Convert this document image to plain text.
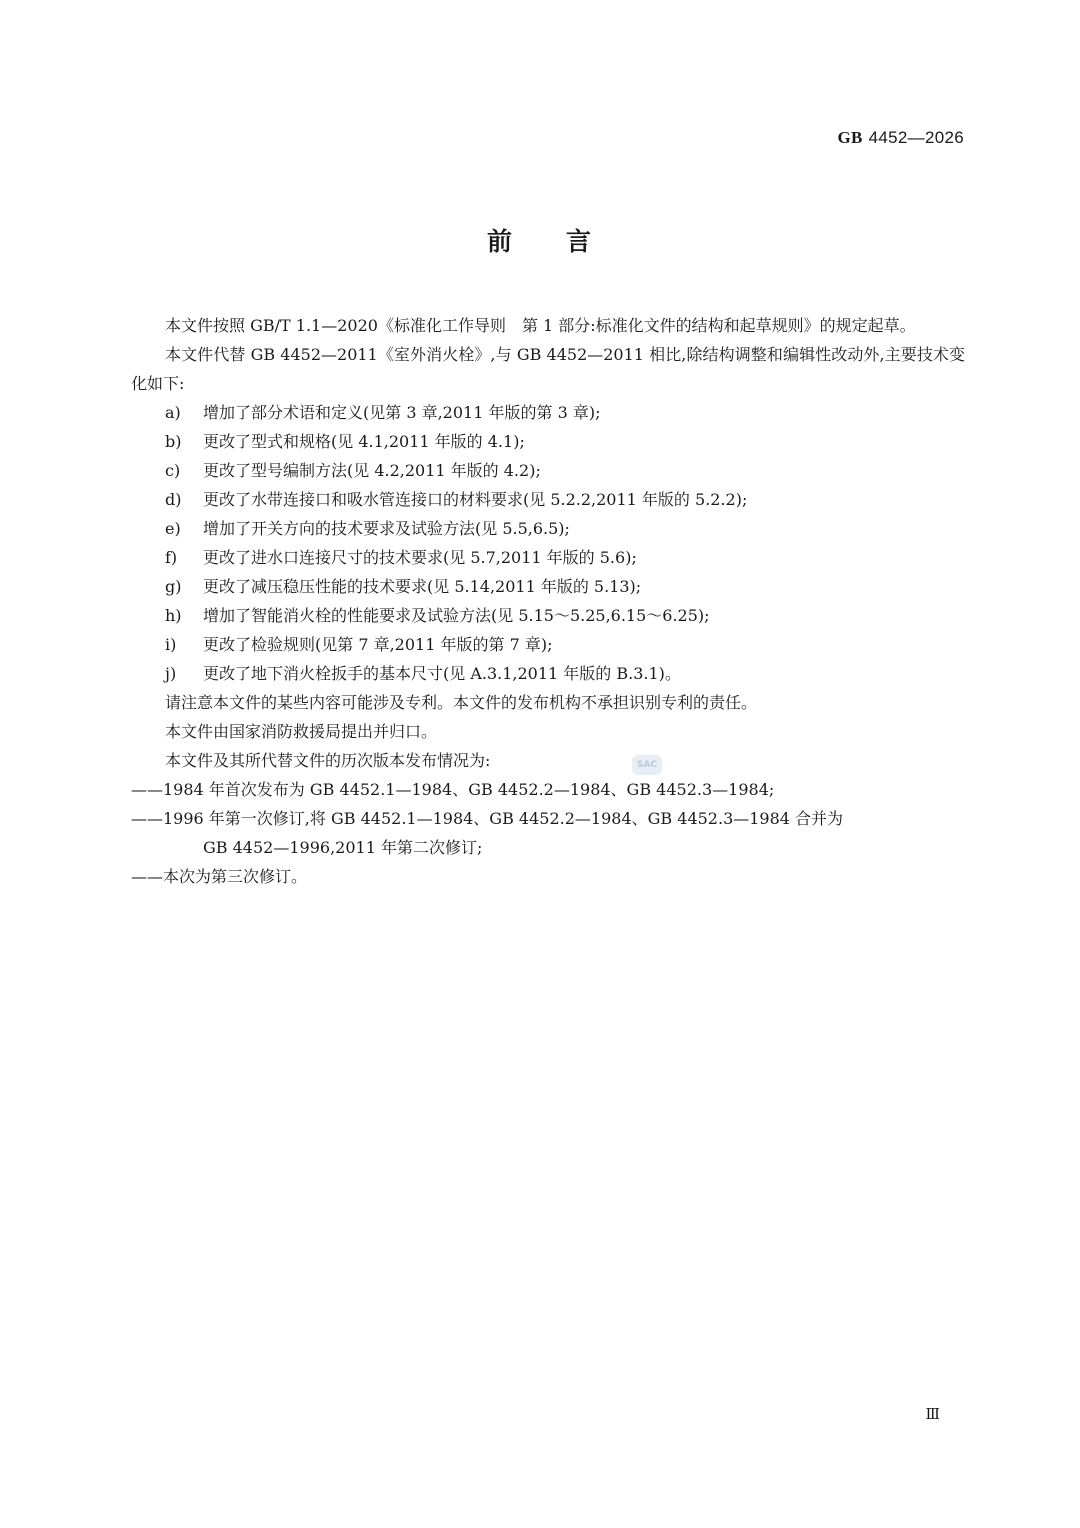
GB 4452—2026
前 言

本文件按照 GB/T 1.1—2020《标准化工作导则　第 1 部分:标准化文件的结构和起草规则》的规定起草。

本文件代替 GB 4452—2011《室外消火栓》,与 GB 4452—2011 相比,除结构调整和编辑性改动外,主要技术变化如下:

a) 增加了部分术语和定义(见第 3 章,2011 年版的第 3 章);

b) 更改了型式和规格(见 4.1,2011 年版的 4.1);

c) 更改了型号编制方法(见 4.2,2011 年版的 4.2);

d) 更改了水带连接口和吸水管连接口的材料要求(见 5.2.2,2011 年版的 5.2.2);

e) 增加了开关方向的技术要求及试验方法(见 5.5,6.5);

f) 更改了进水口连接尺寸的技术要求(见 5.7,2011 年版的 5.6);

g) 更改了减压稳压性能的技术要求(见 5.14,2011 年版的 5.13);

h) 增加了智能消火栓的性能要求及试验方法(见 5.15～5.25,6.15～6.25);

i) 更改了检验规则(见第 7 章,2011 年版的第 7 章);

j) 更改了地下消火栓扳手的基本尺寸(见 A.3.1,2011 年版的 B.3.1)。

请注意本文件的某些内容可能涉及专利。本文件的发布机构不承担识别专利的责任。

本文件由国家消防救援局提出并归口。

本文件及其所代替文件的历次版本发布情况为:

——1984 年首次发布为 GB 4452.1—1984、GB 4452.2—1984、GB 4452.3—1984;

——1996 年第一次修订,将 GB 4452.1—1984、GB 4452.2—1984、GB 4452.3—1984 合并为
GB 4452—1996,2011 年第二次修订;

——本次为第三次修订。

SAC
Ⅲ
